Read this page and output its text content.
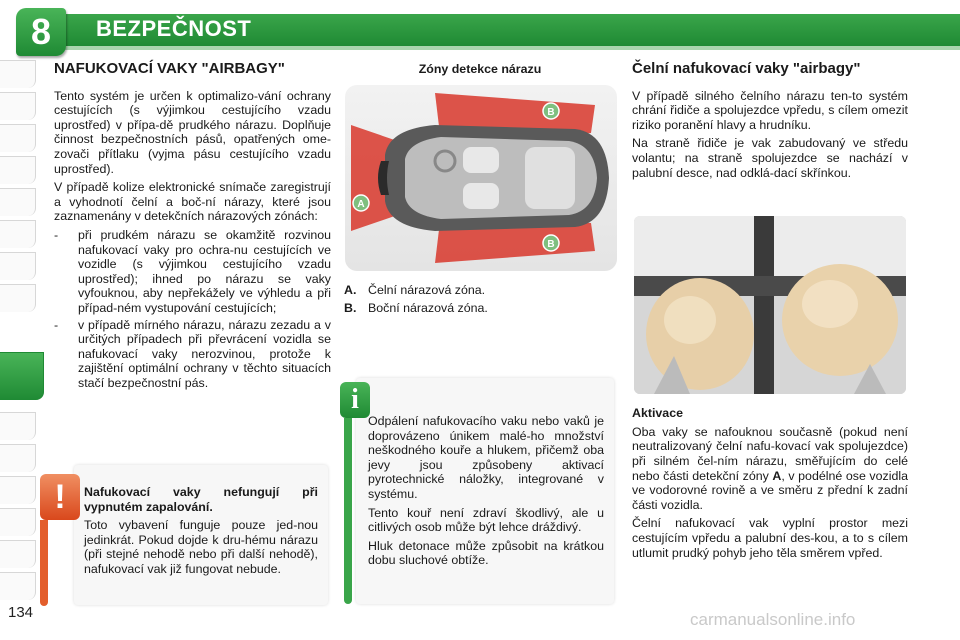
8	BEZPEČNOST
NAFUKOVACÍ VAKY "AIRBAGY"

Tento systém je určen k optimalizo-vání ochrany cestujících (s výjimkou cestujícího vzadu uprostřed) v přípa-dě prudkého nárazu. Doplňuje činnost bezpečnostních pásů, opatřených ome-zovači přítlaku (vyjma pásu cestujícího vzadu uprostřed).

V případě kolize elektronické snímače zaregistrují a vyhodnotí čelní a boč-ní nárazy, které jsou zaznamenány v detekčních nárazových zónách:

-	při prudkém nárazu se okamžitě rozvinou nafukovací vaky pro ochra-nu cestujících ve vozidle (s výjimkou cestujícího vzadu uprostřed); ihned po nárazu se vaky vyfouknou, aby nepřekážely ve výhledu a při případ-ném vystupování cestujících;
-	v případě mírného nárazu, nárazu zezadu a v určitých případech při převrácení vozidla se nafukovací vaky nerozvinou, protože k zajištění optimální ochrany v těchto situacích stačí bezpečnostní pás.
Nafukovací vaky nefungují při vypnutém zapalování.

Toto vybavení funguje pouze jed-nou jedinkrát. Pokud dojde k dru-hému nárazu (při stejné nehodě nebo při další nehodě), nafukovací vak již fungovat nebude.

!
Zóny detekce nárazu
A
B
B
A. Čelní nárazová zóna.
B. Boční nárazová zóna.

Odpálení nafukovacího vaku nebo vaků je doprovázeno únikem malé-ho množství neškodného kouře a hlukem, přičemž oba jevy jsou způsobeny aktivací pyrotechnické náložky, integrované v systému.

Tento kouř není zdraví škodlivý, ale u citlivých osob může být lehce dráždivý.

Hluk detonace může způsobit na krátkou dobu sluchové obtíže.

i
Čelní nafukovací vaky "airbagy"

V případě silného čelního nárazu ten-to systém chrání řidiče a spolujezdce vpředu, s cílem omezit riziko poranění hlavy a hrudníku.

Na straně řidiče je vak zabudovaný ve středu volantu; na straně spolujezdce se nachází v palubní desce, nad odklá-dací skřínkou.

Aktivace

Oba vaky se nafouknou současně (pokud není neutralizovaný čelní nafu-kovací vak spolujezdce) při silném čel-ním nárazu, směřujícím do celé nebo části detekční zóny A, v podélné ose vozidla ve vodorovné rovině a ve směru z přední k zadní části vozidla.

Čelní nafukovací vak vyplní prostor mezi cestujícím vpředu a palubní des-kou, a to s cílem utlumit prudký pohyb jeho těla směrem vpřed.

134	carmanualsonline.info
